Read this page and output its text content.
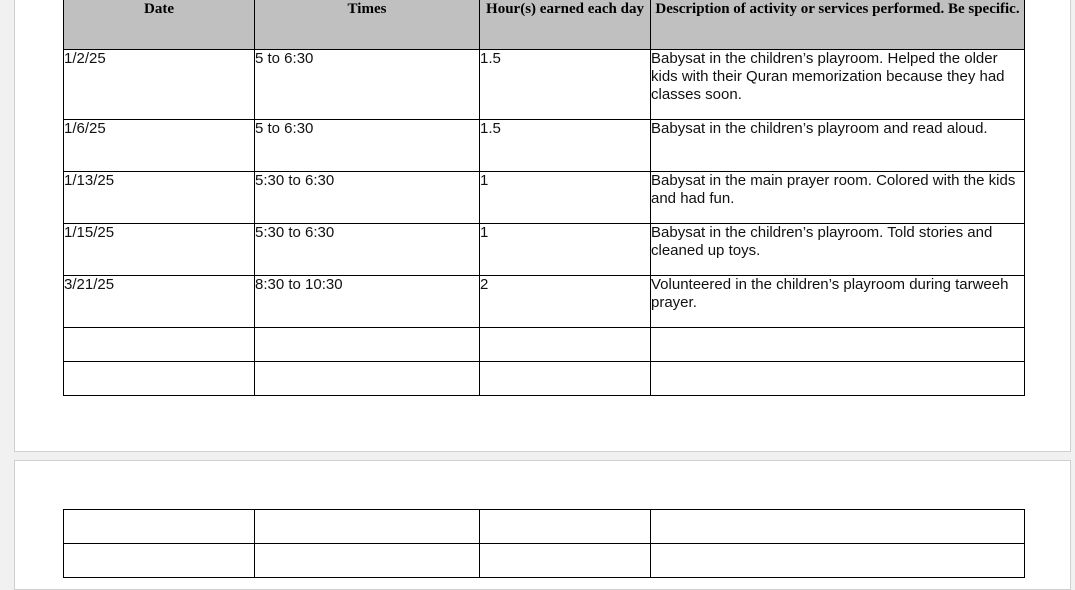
Date	Times	Hour(s) earned each day	Description of activity or services performed. Be specific.
1/2/25	5 to 6:30	1.5	Babysat in the children’s playroom. Helped the older kids with their Quran memorization because they had classes soon.
1/6/25	5 to 6:30	1.5	Babysat in the children’s playroom and read aloud.
1/13/25	5:30 to 6:30	1	Babysat in the main prayer room. Colored with the kids and had fun.
1/15/25	5:30 to 6:30	1	Babysat in the children’s playroom. Told stories and cleaned up toys.
3/21/25	8:30 to 10:30	2	Volunteered in the children’s playroom during tarweeh prayer.
